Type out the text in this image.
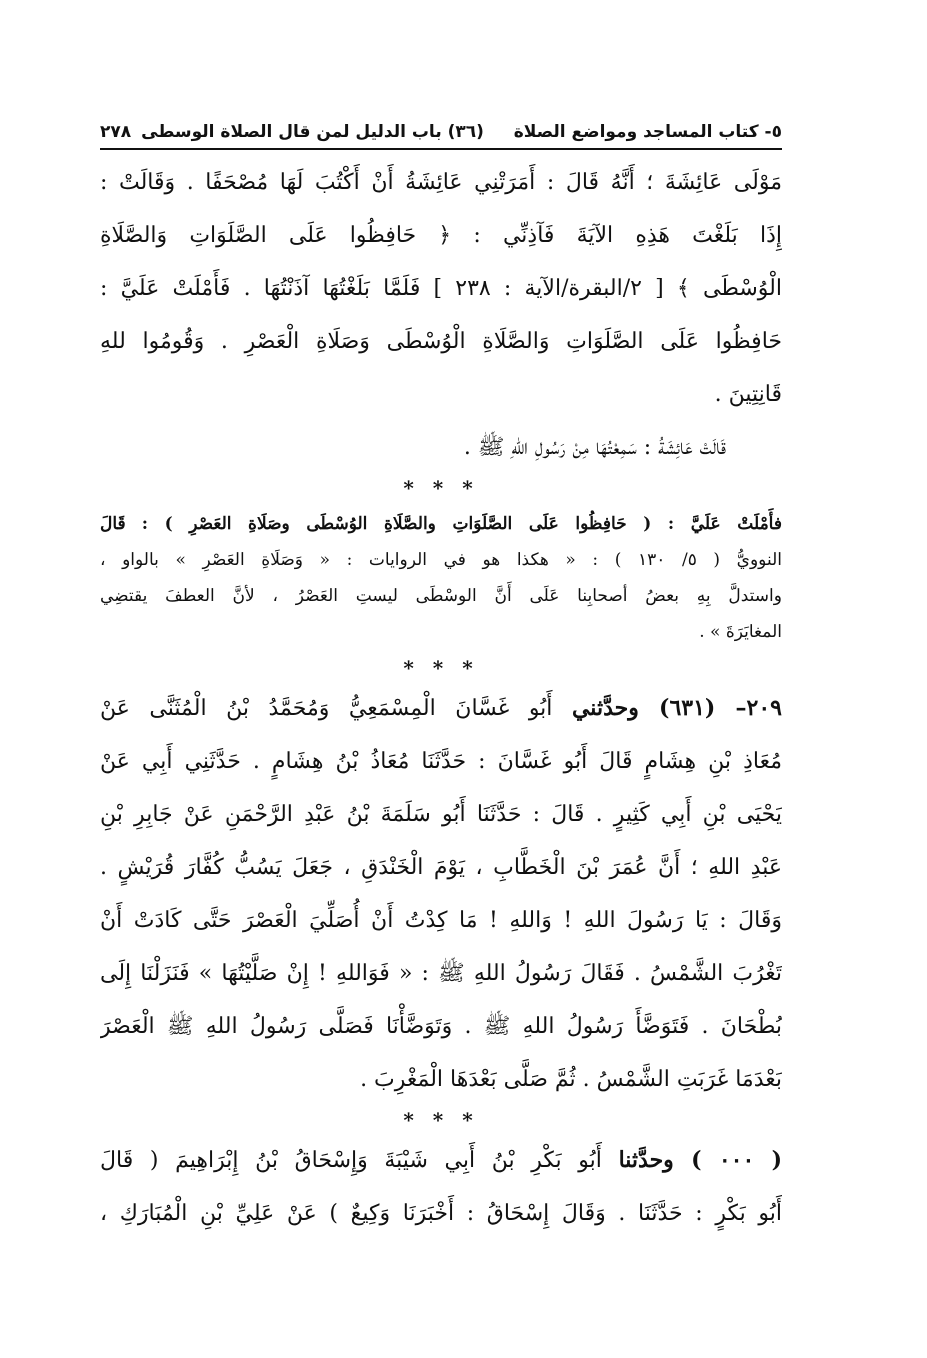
٥- كتاب المساجد ومواضع الصلاة
(٣٦) باب الدليل لمن قال الصلاة الوسطى
٢٧٨
مَوْلَى عَائِشَةَ ؛ أَنَّهُ قَالَ : أَمَرَتْنِي عَائِشَةُ أَنْ أَكْتُبَ لَهَا مُصْحَفًا . وَقَالَتْ :
إِذَا بَلَغْتَ هَذِهِ الآيَةَ فَآذِنِّي : ﴿ حَافِظُوا عَلَى الصَّلَوَاتِ وَالصَّلَاةِ
الْوُسْطَى ﴾ [ ٢/البقرة/الآية : ٢٣٨ ] فَلَمَّا بَلَغْتُهَا آذَنْتُهَا . فَأَمْلَتْ عَلَيَّ :
حَافِظُوا عَلَى الصَّلَوَاتِ وَالصَّلَاةِ الْوُسْطَى وَصَلَاةِ الْعَصْرِ . وَقُومُوا للهِ
قَانِتِينَ .
قَالَتْ عَائِشَةُ : سَمِعْتُهَا مِنْ رَسُولِ اللهِ ﷺ .
* * *
فأَمْلَتْ عَلَيَّ : ( حَافِظُوا عَلَى الصَّلَوَاتِ والصَّلَاةِ الوُسْطَى وصَلَاةِ العَصْرِ ) : قَالَ
النوويُّ ( ٥/ ١٣٠ ) : « هكذا هو في الروايات : « وَصَلَاةِ العَصْرِ » بالواو ،
واستدلَّ بِهِ بعضُ أصحابِنا عَلَى أَنَّ الوسْطَى ليستِ العَصْرُ ، لأنَّ العطفَ يقتضِي
المغايَرَةَ » .
* * *
٢٠٩– (٦٣١) وحدَّثني أَبُو غَسَّانَ الْمِسْمَعِيُّ وَمُحَمَّدُ بْنُ الْمُثَنَّى عَنْ
مُعَاذِ بْنِ هِشَامٍ قَالَ أَبُو غَسَّانَ : حَدَّثَنَا مُعَاذُ بْنُ هِشَامٍ . حَدَّثَنِي أَبِي عَنْ
يَحْيَى بْنِ أَبِي كَثِيرٍ . قَالَ : حَدَّثَنَا أَبُو سَلَمَةَ بْنُ عَبْدِ الرَّحْمَنِ عَنْ جَابِرِ بْنِ
عَبْدِ اللهِ ؛ أَنَّ عُمَرَ بْنَ الْخَطَّابِ ، يَوْمَ الْخَنْدَقِ ، جَعَلَ يَسُبُّ كُفَّارَ قُرَيْشٍ .
وَقَالَ : يَا رَسُولَ اللهِ ! وَاللهِ ! مَا كِدْتُ أَنْ أُصَلِّيَ الْعَصْرَ حَتَّى كَادَتْ أَنْ
تَغْرُبَ الشَّمْسُ . فَقَالَ رَسُولُ اللهِ ﷺ : « فَوَاللهِ ! إِنْ صَلَّيْتُهَا » فَنَزَلْنَا إِلَى
بُطْحَانَ . فَتَوَضَّأَ رَسُولُ اللهِ ﷺ . وَتَوَضَّأْنَا فَصَلَّى رَسُولُ اللهِ ﷺ الْعَصْرَ
بَعْدَمَا غَرَبَتِ الشَّمْسُ . ثُمَّ صَلَّى بَعْدَهَا الْمَغْرِبَ .
* * *
( ٠٠٠ ) وحدَّثنا أَبُو بَكْرِ بْنُ أَبِي شَيْبَةَ وَإِسْحَاقُ بْنُ إِبْرَاهِيمَ ( قَالَ
أَبُو بَكْرٍ : حَدَّثَنَا . وَقَالَ إِسْحَاقُ : أَخْبَرَنَا وَكِيعٌ ) عَنْ عَلِيِّ بْنِ الْمُبَارَكِ ،
